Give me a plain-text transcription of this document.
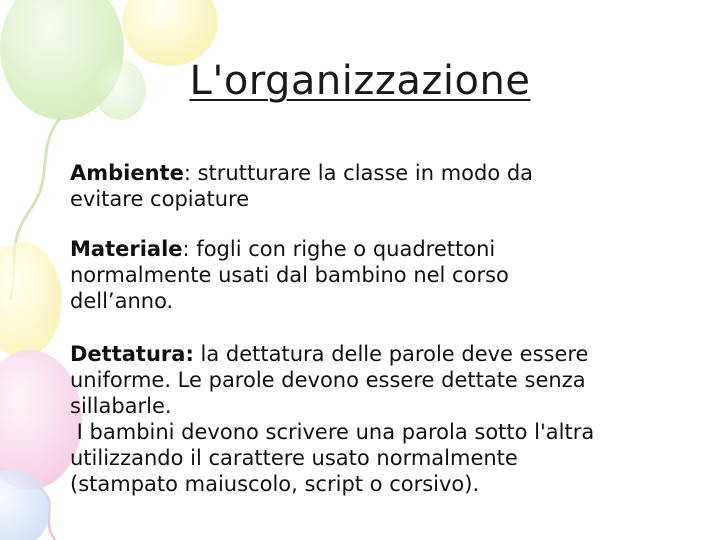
L'organizzazione
Ambiente: strutturare la classe in modo da
evitare copiature
Materiale: fogli con righe o quadrettoni
normalmente usati dal bambino nel corso
dell’anno.
Dettatura: la dettatura delle parole deve essere
uniforme. Le parole devono essere dettate senza
sillabarle.
I bambini devono scrivere una parola sotto l'altra
utilizzando il carattere usato normalmente
(stampato maiuscolo, script o corsivo).
